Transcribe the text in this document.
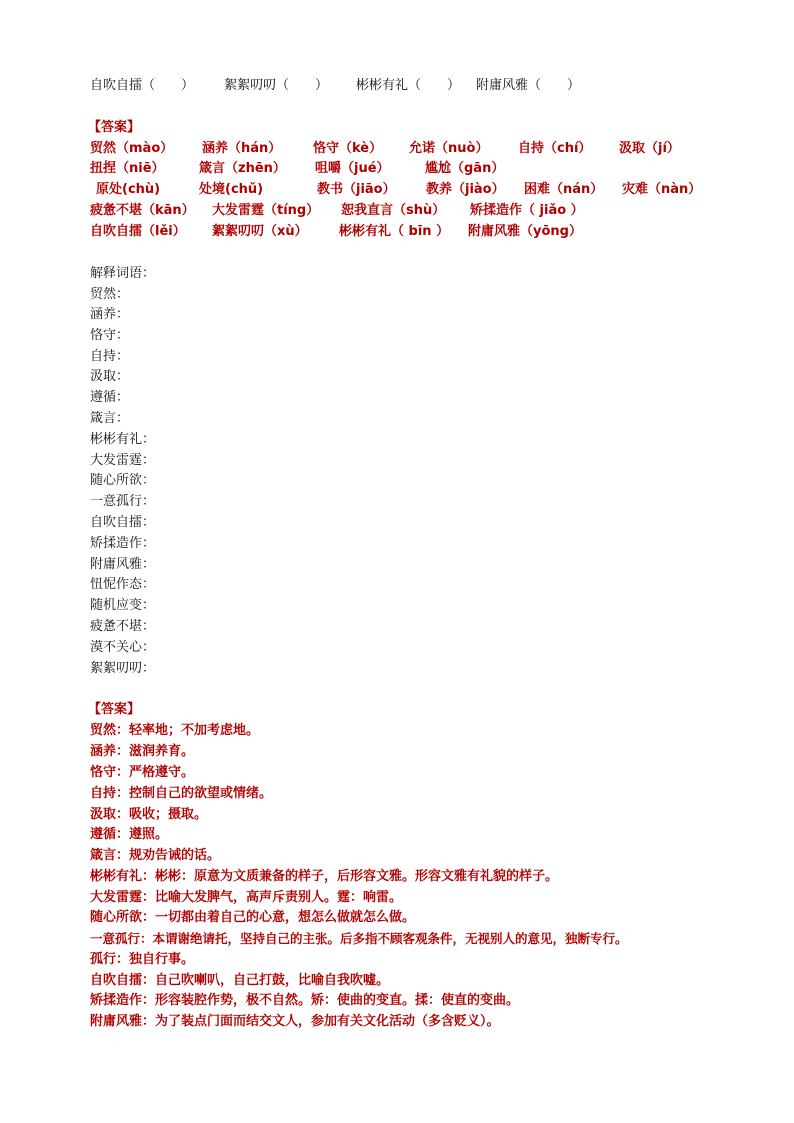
自吹自擂（　　） 絮絮叨叨（　　） 彬彬有礼（　　） 附庸风雅（　　）
【答案】
贸然（mào） 涵养（hán） 恪守（kè） 允诺（nuò） 自持（chí） 汲取（jí）
扭捏（niē）	箴言（zhēn） 咀嚼（jué）	尴尬（gān）
原处(chù)	处境(chǔ)	教书（jiāo） 教养（jiào） 困难（nán） 灾难（nàn）
疲惫不堪（kān） 大发雷霆（tíng） 恕我直言（shù） 矫揉造作（ jiǎo ）
自吹自擂（lěi） 絮絮叨叨（xù） 彬彬有礼（ bīn ） 附庸风雅（yōng）
解释词语：
贸然：
涵养：
恪守：
自持：
汲取：
遵循：
箴言：
彬彬有礼：
大发雷霆：
随心所欲：
一意孤行：
自吹自擂：
矫揉造作：
附庸风雅：
忸怩作态：
随机应变：
疲惫不堪：
漠不关心：
絮絮叨叨：
【答案】
贸然：轻率地；不加考虑地。
涵养：滋润养育。
恪守：严格遵守。
自持：控制自己的欲望或情绪。
汲取：吸收；摄取。
遵循：遵照。
箴言：规劝告诫的话。
彬彬有礼：彬彬：原意为文质兼备的样子，后形容文雅。形容文雅有礼貌的样子。
大发雷霆：比喻大发脾气，高声斥责别人。霆：响雷。
随心所欲：一切都由着自己的心意，想怎么做就怎么做。
一意孤行：本谓谢绝请托，坚持自己的主张。后多指不顾客观条件，无视别人的意见，独断专行。
孤行：独自行事。
自吹自擂：自己吹喇叭，自己打鼓，比喻自我吹嘘。
矫揉造作：形容装腔作势，极不自然。矫：使曲的变直。揉：使直的变曲。
附庸风雅：为了装点门面而结交文人，参加有关文化活动（多含贬义）。
